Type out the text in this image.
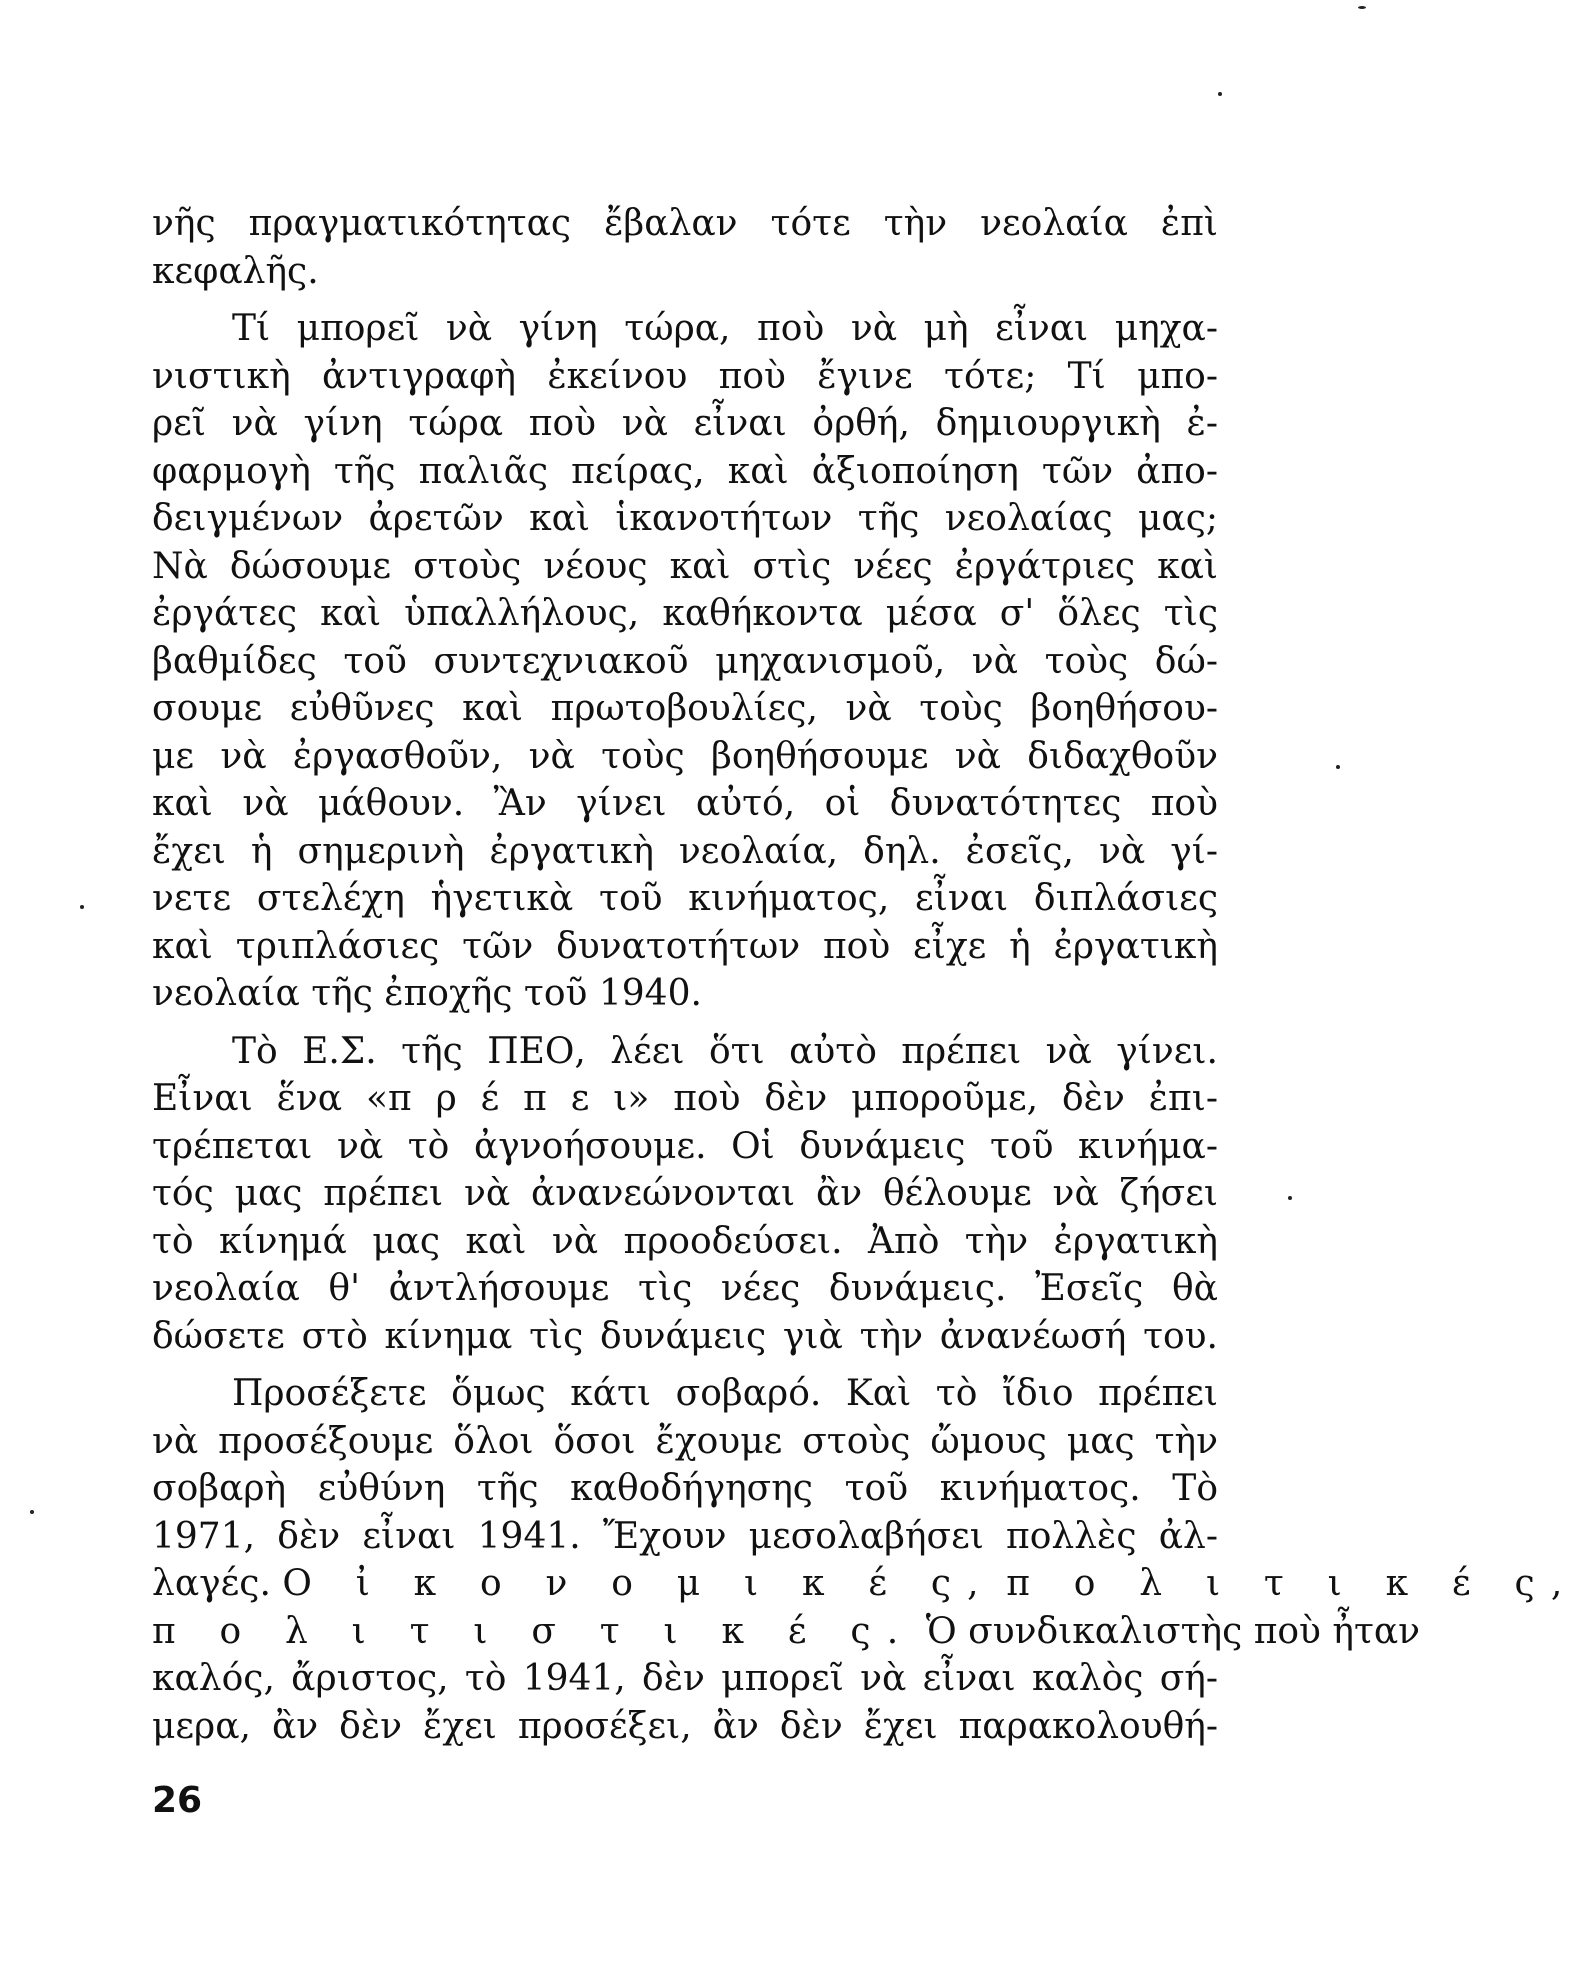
νῆς πραγματικότητας ἔβαλαν τότε τὴν νεολαία ἐπὶ
κεφαλῆς.
Τί μπορεῖ νὰ γίνη τώρα, ποὺ νὰ μὴ εἶναι μηχα-
νιστικὴ ἀντιγραφὴ ἐκείνου ποὺ ἔγινε τότε; Τί μπο-
ρεῖ νὰ γίνη τώρα ποὺ νὰ εἶναι ὀρθή, δημιουργικὴ ἐ-
φαρμογὴ τῆς παλιᾶς πείρας, καὶ ἀξιοποίηση τῶν ἀπο-
δειγμένων ἀρετῶν καὶ ἱκανοτήτων τῆς νεολαίας μας;
Νὰ δώσουμε στοὺς νέους καὶ στὶς νέες ἐργάτριες καὶ
ἐργάτες καὶ ὑπαλλήλους, καθήκοντα μέσα σ' ὅλες τὶς
βαθμίδες τοῦ συντεχνιακοῦ μηχανισμοῦ, νὰ τοὺς δώ-
σουμε εὐθῦνες καὶ πρωτοβουλίες, νὰ τοὺς βοηθήσου-
με νὰ ἐργασθοῦν, νὰ τοὺς βοηθήσουμε νὰ διδαχθοῦν
καὶ νὰ μάθουν. Ἂν γίνει αὐτό, οἱ δυνατότητες ποὺ
ἔχει ἡ σημερινὴ ἐργατικὴ νεολαία, δηλ. ἐσεῖς, νὰ γί-
νετε στελέχη ἡγετικὰ τοῦ κινήματος, εἶναι διπλάσιες
καὶ τριπλάσιες τῶν δυνατοτήτων ποὺ εἶχε ἡ ἐργατικὴ
νεολαία τῆς ἐποχῆς τοῦ 1940.
Τὸ Ε.Σ. τῆς ΠΕΟ, λέει ὅτι αὐτὸ πρέπει νὰ γίνει.
Εἶναι ἕνα «π ρ έ π ε ι» ποὺ δὲν μποροῦμε, δὲν ἐπι-
τρέπεται νὰ τὸ ἀγνοήσουμε. Οἱ δυνάμεις τοῦ κινήμα-
τός μας πρέπει νὰ ἀνανεώνονται ἂν θέλουμε νὰ ζήσει
τὸ κίνημά μας καὶ νὰ προοδεύσει. Ἀπὸ τὴν ἐργατικὴ
νεολαία θ' ἀντλήσουμε τὶς νέες δυνάμεις. Ἐσεῖς θὰ
δώσετε στὸ κίνημα τὶς δυνάμεις γιὰ τὴν ἀνανέωσή του.
Προσέξετε ὅμως κάτι σοβαρό. Καὶ τὸ ἴδιο πρέπει
νὰ προσέξουμε ὅλοι ὅσοι ἔχουμε στοὺς ὤμους μας τὴν
σοβαρὴ εὐθύνη τῆς καθοδήγησης τοῦ κινήματος. Τὸ
1971, δὲν εἶναι 1941. Ἔχουν μεσολαβήσει πολλὲς ἀλ-
λαγές. Ο ἰ κ ο ν ο μ ι κ έ ς, π ο λ ι τ ι κ έ ς,
π ο λ ι τ ι σ τ ι κ έ ς. Ὁ συνδικαλιστὴς ποὺ ἦταν
καλός, ἄριστος, τὸ 1941, δὲν μπορεῖ νὰ εἶναι καλὸς σή-
μερα, ἂν δὲν ἔχει προσέξει, ἂν δὲν ἔχει παρακολουθή-
26
